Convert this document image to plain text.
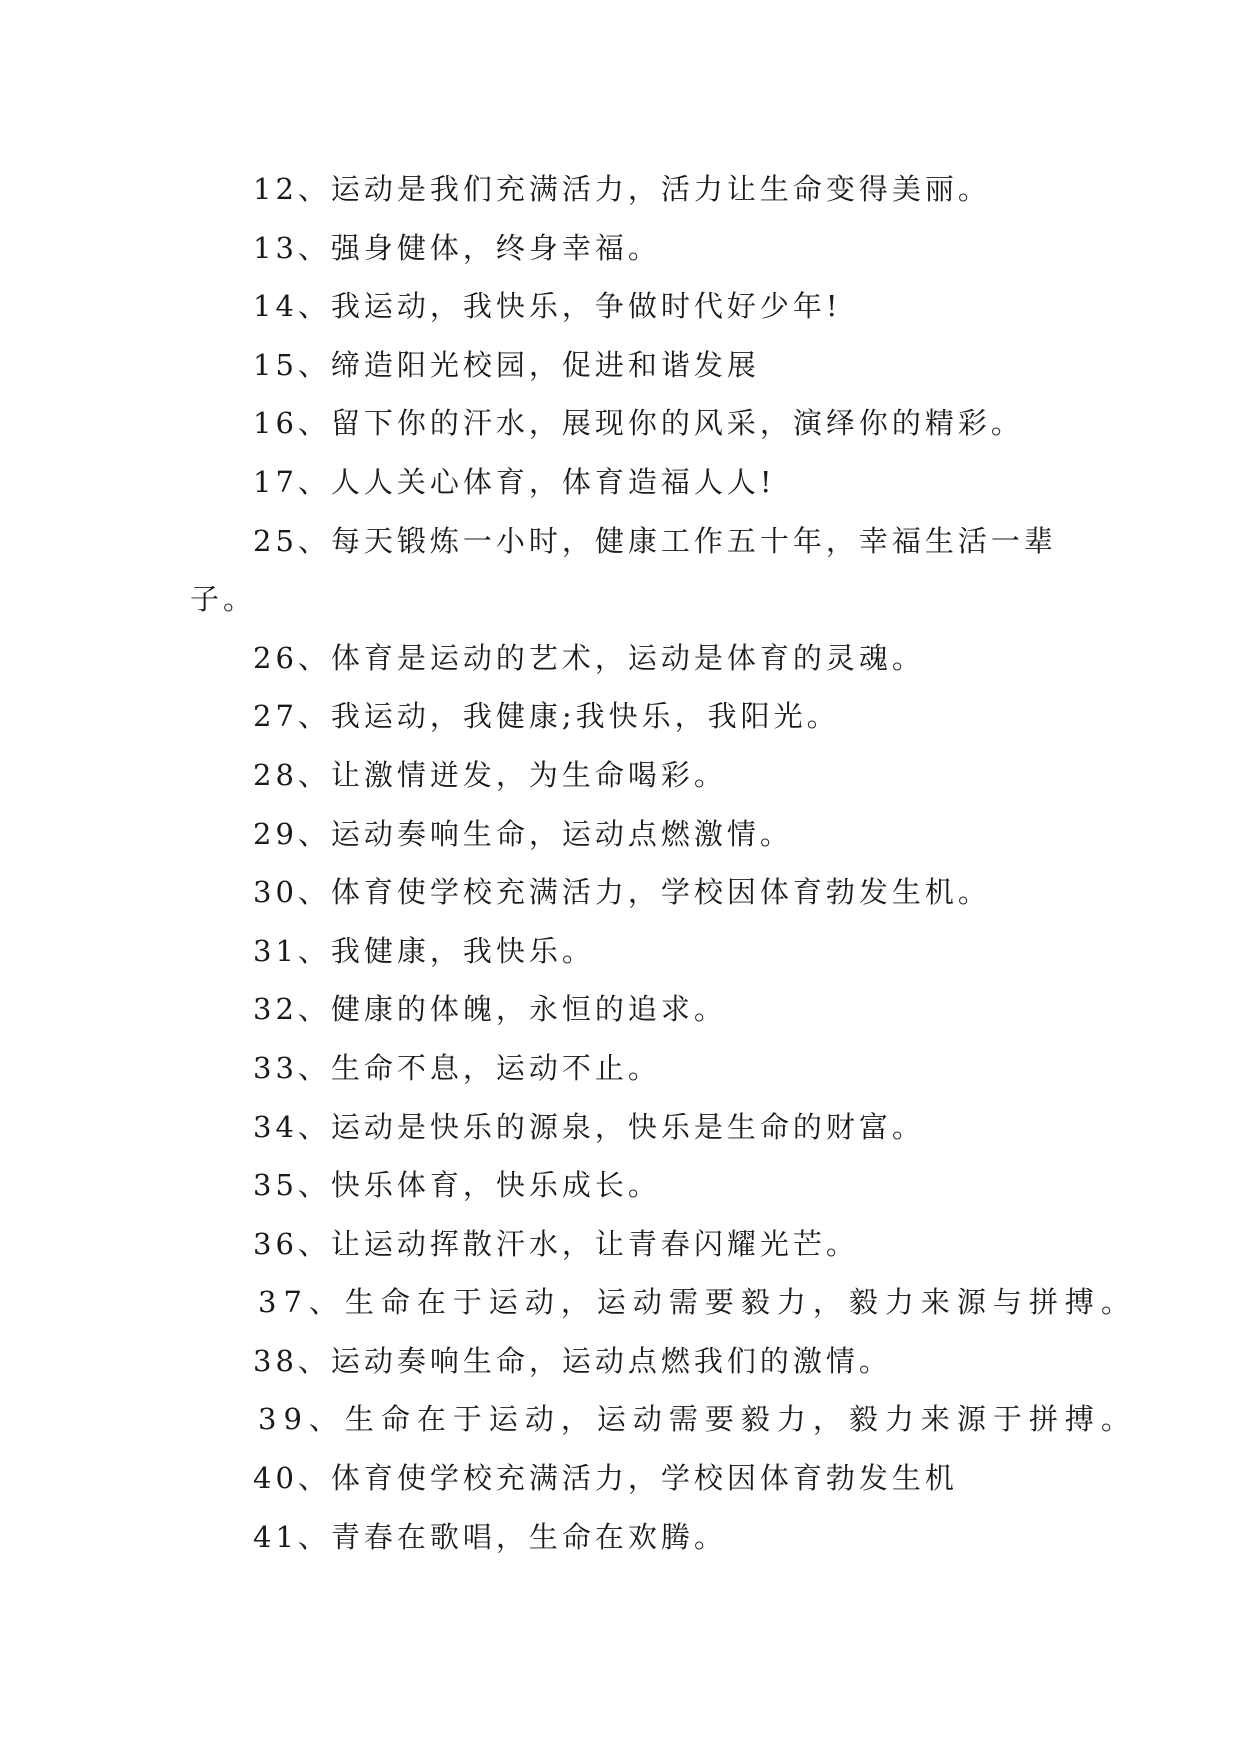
12、运动是我们充满活力，活力让生命变得美丽。
13、强身健体，终身幸福。
14、我运动，我快乐，争做时代好少年!
15、缔造阳光校园，促进和谐发展
16、留下你的汗水，展现你的风采，演绎你的精彩。
17、人人关心体育，体育造福人人!
25、每天锻炼一小时，健康工作五十年，幸福生活一辈
子。
26、体育是运动的艺术，运动是体育的灵魂。
27、我运动，我健康;我快乐，我阳光。
28、让激情迸发，为生命喝彩。
29、运动奏响生命，运动点燃激情。
30、体育使学校充满活力，学校因体育勃发生机。
31、我健康，我快乐。
32、健康的体魄，永恒的追求。
33、生命不息，运动不止。
34、运动是快乐的源泉，快乐是生命的财富。
35、快乐体育，快乐成长。
36、让运动挥散汗水，让青春闪耀光芒。
37、生命在于运动，运动需要毅力，毅力来源与拼搏。
38、运动奏响生命，运动点燃我们的激情。
39、生命在于运动，运动需要毅力，毅力来源于拼搏。
40、体育使学校充满活力，学校因体育勃发生机
41、青春在歌唱，生命在欢腾。
